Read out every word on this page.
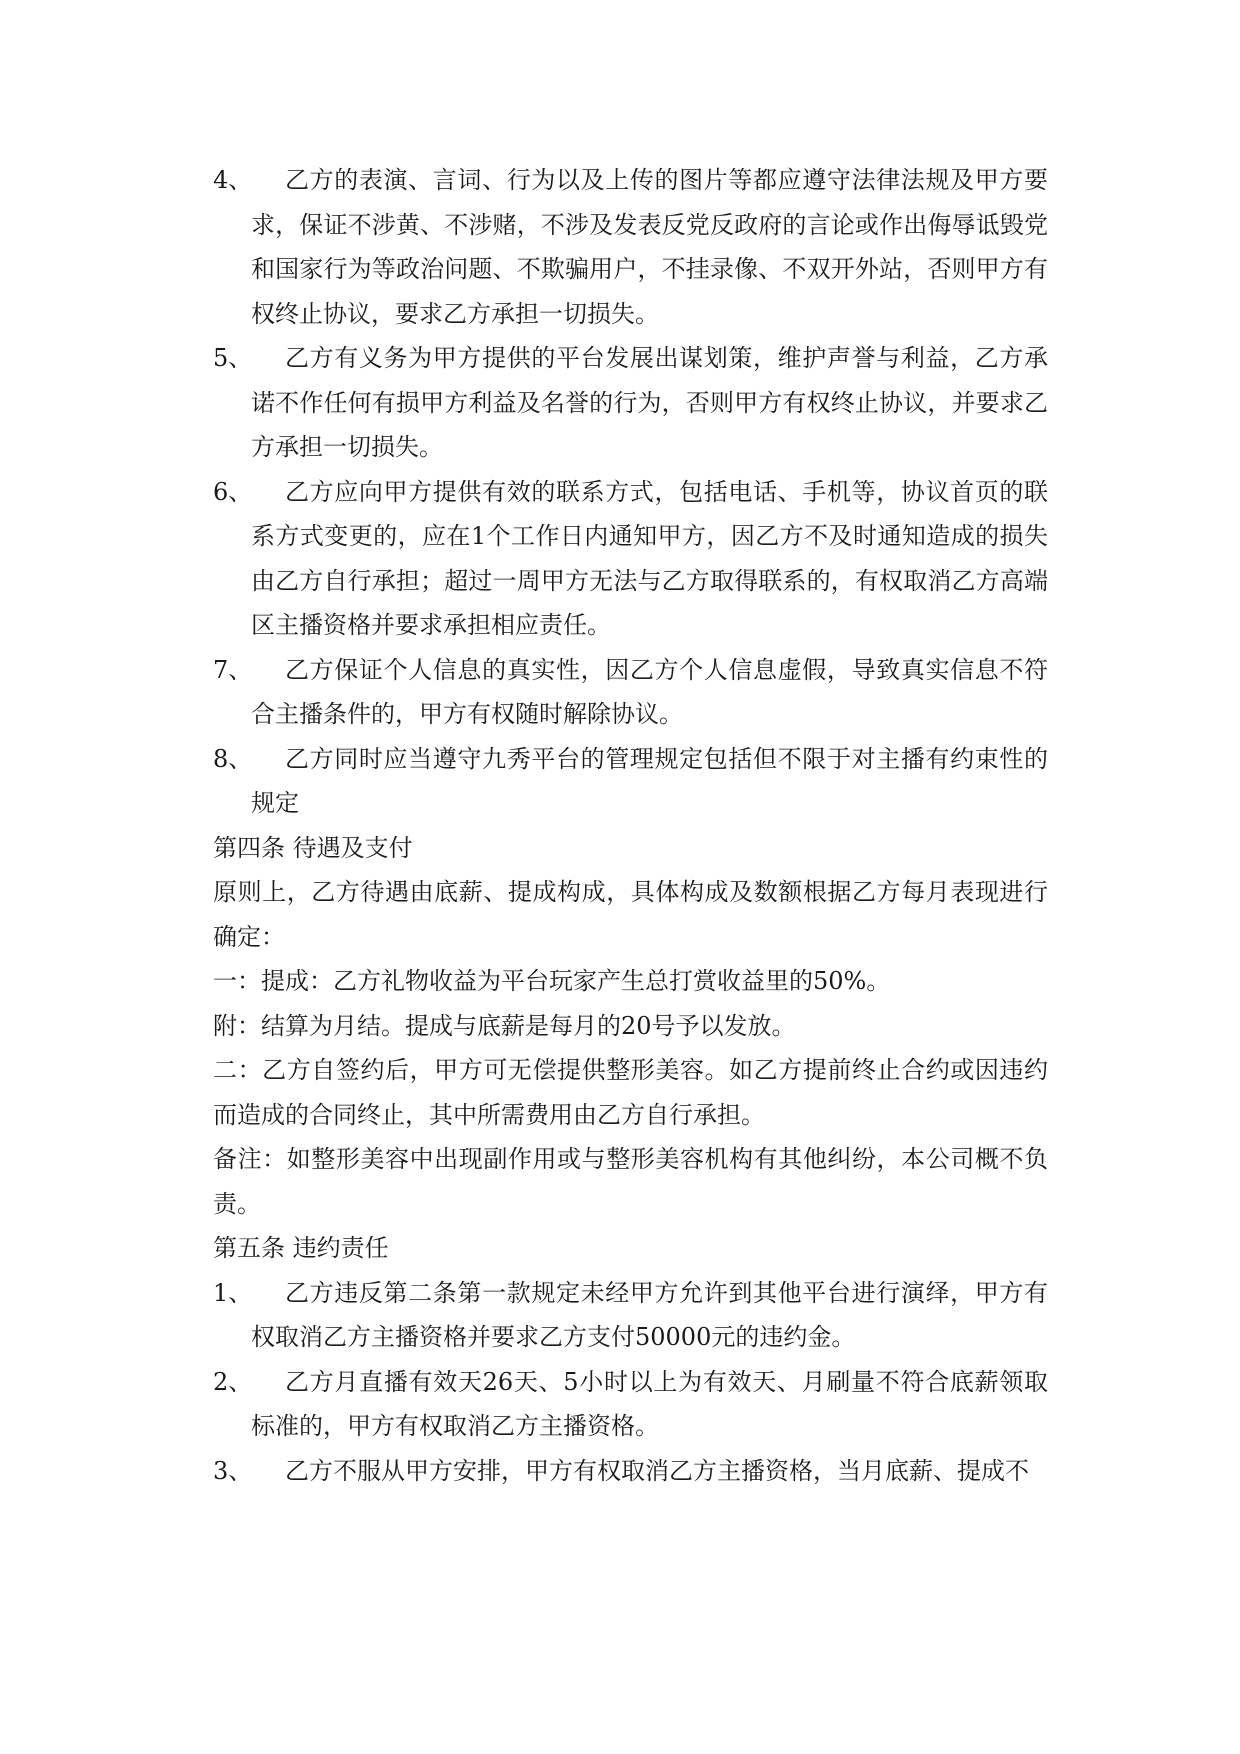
4、	乙方的表演、言词、行为以及上传的图片等都应遵守法律法规及甲方要求，保证不涉黄、不涉赌，不涉及发表反党反政府的言论或作出侮辱诋毁党和国家行为等政治问题、不欺骗用户，不挂录像、不双开外站，否则甲方有权终止协议，要求乙方承担一切损失。
5、	乙方有义务为甲方提供的平台发展出谋划策，维护声誉与利益，乙方承诺不作任何有损甲方利益及名誉的行为，否则甲方有权终止协议，并要求乙方承担一切损失。
6、	乙方应向甲方提供有效的联系方式，包括电话、手机等，协议首页的联系方式变更的，应在1个工作日内通知甲方，因乙方不及时通知造成的损失由乙方自行承担；超过一周甲方无法与乙方取得联系的，有权取消乙方高端区主播资格并要求承担相应责任。
7、	乙方保证个人信息的真实性，因乙方个人信息虚假，导致真实信息不符合主播条件的，甲方有权随时解除协议。
8、	乙方同时应当遵守九秀平台的管理规定包括但不限于对主播有约束性的规定
第四条 待遇及支付
原则上，乙方待遇由底薪、提成构成，具体构成及数额根据乙方每月表现进行确定：
一：提成：乙方礼物收益为平台玩家产生总打赏收益里的50%。
附：结算为月结。提成与底薪是每月的20号予以发放。
二：乙方自签约后，甲方可无偿提供整形美容。如乙方提前终止合约或因违约而造成的合同终止，其中所需费用由乙方自行承担。
备注：如整形美容中出现副作用或与整形美容机构有其他纠纷，本公司概不负责。
第五条 违约责任
1、	乙方违反第二条第一款规定未经甲方允许到其他平台进行演绎，甲方有权取消乙方主播资格并要求乙方支付50000元的违约金。
2、	乙方月直播有效天26天、5小时以上为有效天、月刷量不符合底薪领取标准的，甲方有权取消乙方主播资格。
3、	乙方不服从甲方安排，甲方有权取消乙方主播资格，当月底薪、提成不
